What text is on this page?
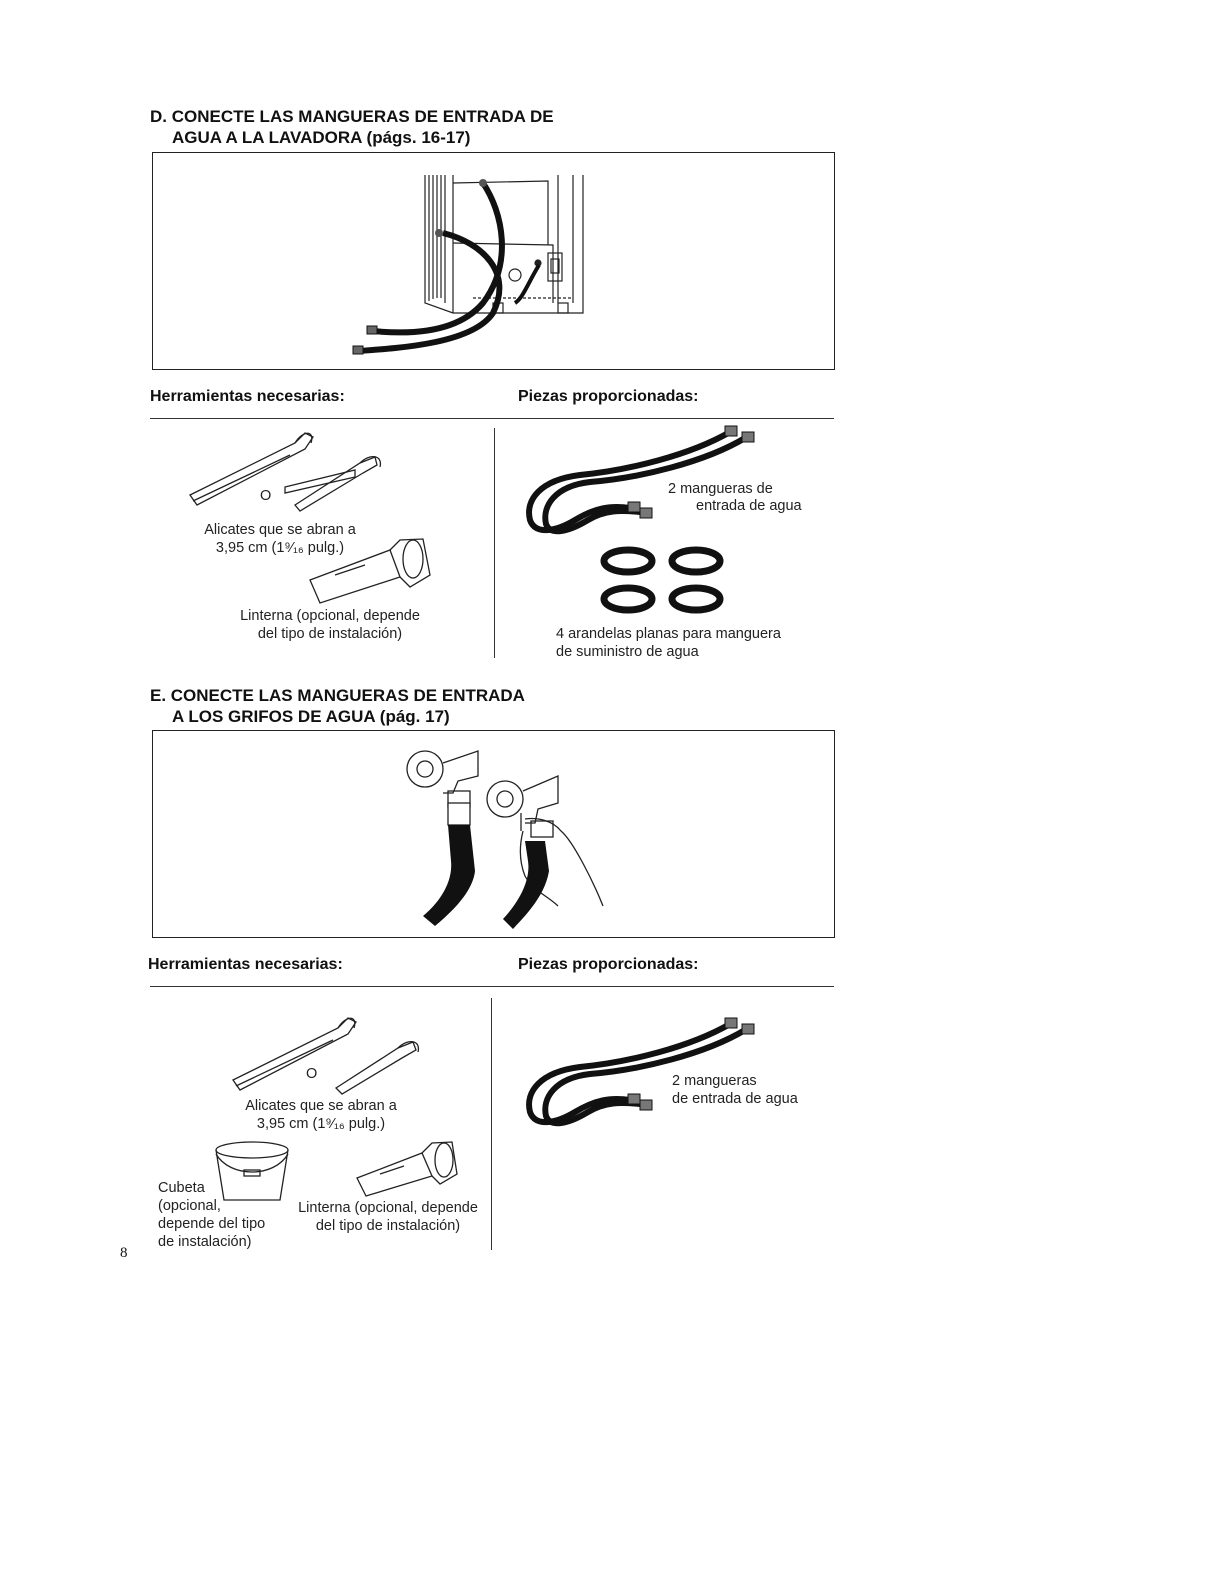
D. CONECTE LAS MANGUERAS DE ENTRADA DE
AGUA A LA LAVADORA (págs. 16-17)
Herramientas necesarias:	Piezas proporcionadas:
O
Alicates que se abran a
3,95 cm (1⁹⁄₁₆ pulg.)
Linterna (opcional, depende
del tipo de instalación)
2 mangueras de
entrada de agua
4 arandelas planas para manguera
de suministro de agua
E. CONECTE LAS MANGUERAS DE ENTRADA
A LOS GRIFOS DE AGUA (pág. 17)
Herramientas necesarias:	Piezas proporcionadas:
O
Alicates que se abran a
3,95 cm (1⁹⁄₁₆ pulg.)
Cubeta
(opcional,
depende del tipo
de instalación)
Linterna (opcional, depende
del tipo de instalación)
2 mangueras
de entrada de agua
8
